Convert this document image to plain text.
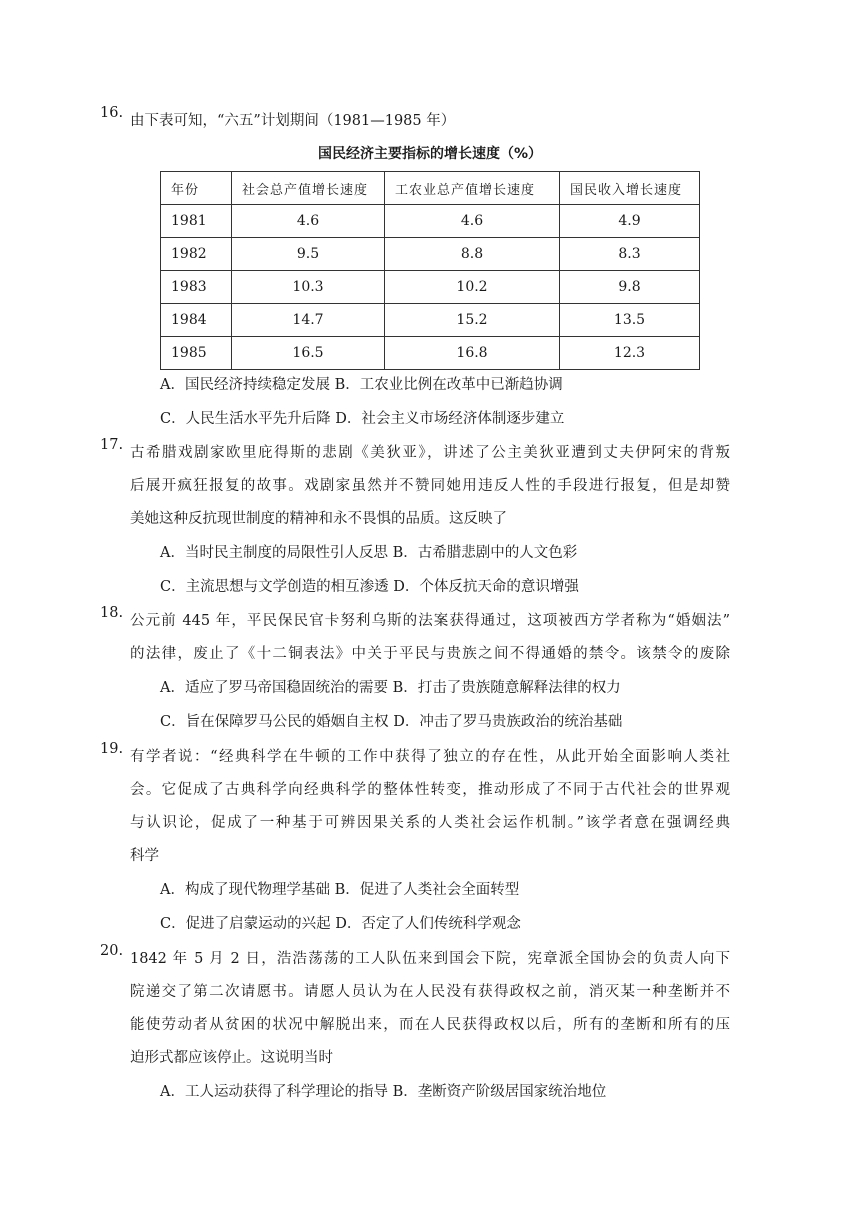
16. 由下表可知，“六五”计划期间（1981—1985 年）
国民经济主要指标的增长速度（%）
年份	社会总产值增长速度	工农业总产值增长速度	国民收入增长速度
1981	4.6	4.6	4.9
1982	9.5	8.8	8.3
1983	10.3	10.2	9.8
1984	14.7	15.2	13.5
1985	16.5	16.8	12.3
A．国民经济持续稳定发展 B．工农业比例在改革中已渐趋协调
C．人民生活水平先升后降 D．社会主义市场经济体制逐步建立
17. 古希腊戏剧家欧里庇得斯的悲剧《美狄亚》，讲述了公主美狄亚遭到丈夫伊阿宋的背叛
后展开疯狂报复的故事。戏剧家虽然并不赞同她用违反人性的手段进行报复，但是却赞
美她这种反抗现世制度的精神和永不畏惧的品质。这反映了
A．当时民主制度的局限性引人反思 B．古希腊悲剧中的人文色彩
C．主流思想与文学创造的相互渗透 D．个体反抗天命的意识增强
18. 公元前 445 年，平民保民官卡努利乌斯的法案获得通过，这项被西方学者称为“婚姻法”
的法律，废止了《十二铜表法》中关于平民与贵族之间不得通婚的禁令。该禁令的废除
A．适应了罗马帝国稳固统治的需要 B．打击了贵族随意解释法律的权力
C．旨在保障罗马公民的婚姻自主权 D．冲击了罗马贵族政治的统治基础
19. 有学者说：“经典科学在牛顿的工作中获得了独立的存在性，从此开始全面影响人类社
会。它促成了古典科学向经典科学的整体性转变，推动形成了不同于古代社会的世界观
与认识论，促成了一种基于可辨因果关系的人类社会运作机制。”该学者意在强调经典
科学
A．构成了现代物理学基础 B．促进了人类社会全面转型
C．促进了启蒙运动的兴起 D．否定了人们传统科学观念
20. 1842 年 5 月 2 日，浩浩荡荡的工人队伍来到国会下院，宪章派全国协会的负责人向下
院递交了第二次请愿书。请愿人员认为在人民没有获得政权之前，消灭某一种垄断并不
能使劳动者从贫困的状况中解脱出来，而在人民获得政权以后，所有的垄断和所有的压
迫形式都应该停止。这说明当时
A．工人运动获得了科学理论的指导 B．垄断资产阶级居国家统治地位
